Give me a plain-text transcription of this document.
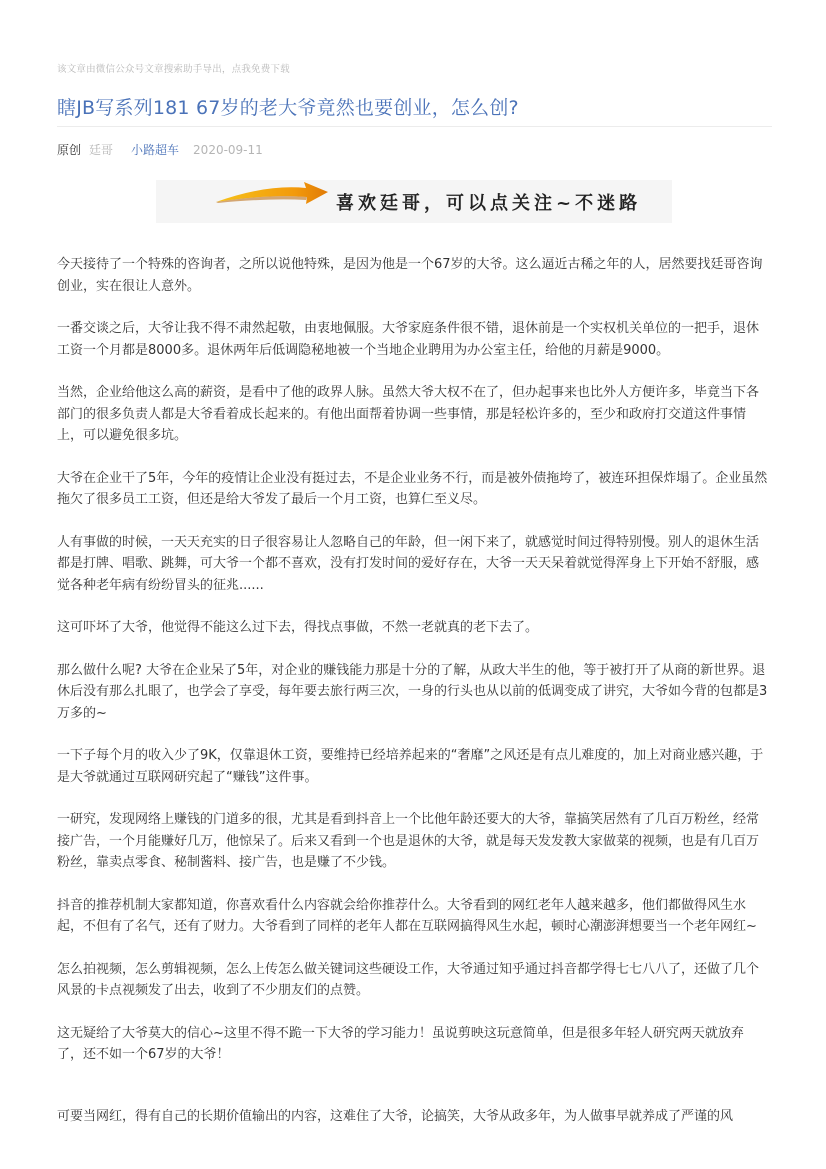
该文章由微信公众号文章搜索助手导出，点我免费下载
瞎JB写系列181 67岁的老大爷竟然也要创业，怎么创?
原创 廷哥 小路超车 2020-09-11
喜欢廷哥，可以点关注~不迷路

今天接待了一个特殊的咨询者，之所以说他特殊，是因为他是一个67岁的大爷。这么逼近古稀之年的人，居然要找廷哥咨询创业，实在很让人意外。

一番交谈之后，大爷让我不得不肃然起敬，由衷地佩服。大爷家庭条件很不错，退休前是一个实权机关单位的一把手，退休工资一个月都是8000多。退休两年后低调隐秘地被一个当地企业聘用为办公室主任，给他的月薪是9000。

当然，企业给他这么高的薪资，是看中了他的政界人脉。虽然大爷大权不在了，但办起事来也比外人方便许多，毕竟当下各部门的很多负责人都是大爷看着成长起来的。有他出面帮着协调一些事情，那是轻松许多的，至少和政府打交道这件事情上，可以避免很多坑。

大爷在企业干了5年，今年的疫情让企业没有挺过去，不是企业业务不行，而是被外债拖垮了，被连环担保炸塌了。企业虽然拖欠了很多员工工资，但还是给大爷发了最后一个月工资，也算仁至义尽。

人有事做的时候，一天天充实的日子很容易让人忽略自己的年龄，但一闲下来了，就感觉时间过得特别慢。别人的退休生活都是打牌、唱歌、跳舞，可大爷一个都不喜欢，没有打发时间的爱好存在，大爷一天天呆着就觉得浑身上下开始不舒服，感觉各种老年病有纷纷冒头的征兆......

这可吓坏了大爷，他觉得不能这么过下去，得找点事做，不然一老就真的老下去了。

那么做什么呢? 大爷在企业呆了5年，对企业的赚钱能力那是十分的了解，从政大半生的他，等于被打开了从商的新世界。退休后没有那么扎眼了，也学会了享受，每年要去旅行两三次，一身的行头也从以前的低调变成了讲究，大爷如今背的包都是3万多的~

一下子每个月的收入少了9K，仅靠退休工资，要维持已经培养起来的“奢靡”之风还是有点儿难度的，加上对商业感兴趣，于是大爷就通过互联网研究起了“赚钱”这件事。

一研究，发现网络上赚钱的门道多的很，尤其是看到抖音上一个比他年龄还要大的大爷，靠搞笑居然有了几百万粉丝，经常接广告，一个月能赚好几万，他惊呆了。后来又看到一个也是退休的大爷，就是每天发发教大家做菜的视频，也是有几百万粉丝，靠卖点零食、秘制酱料、接广告，也是赚了不少钱。

抖音的推荐机制大家都知道，你喜欢看什么内容就会给你推荐什么。大爷看到的网红老年人越来越多，他们都做得风生水起，不但有了名气，还有了财力。大爷看到了同样的老年人都在互联网搞得风生水起，顿时心潮澎湃想要当一个老年网红~

怎么拍视频，怎么剪辑视频，怎么上传怎么做关键词这些硬设工作，大爷通过知乎通过抖音都学得七七八八了，还做了几个风景的卡点视频发了出去，收到了不少朋友们的点赞。

这无疑给了大爷莫大的信心~这里不得不跪一下大爷的学习能力！虽说剪映这玩意简单，但是很多年轻人研究两天就放弃了，还不如一个67岁的大爷！

可要当网红，得有自己的长期价值输出的内容，这难住了大爷，论搞笑，大爷从政多年，为人做事早就养成了严谨的风
